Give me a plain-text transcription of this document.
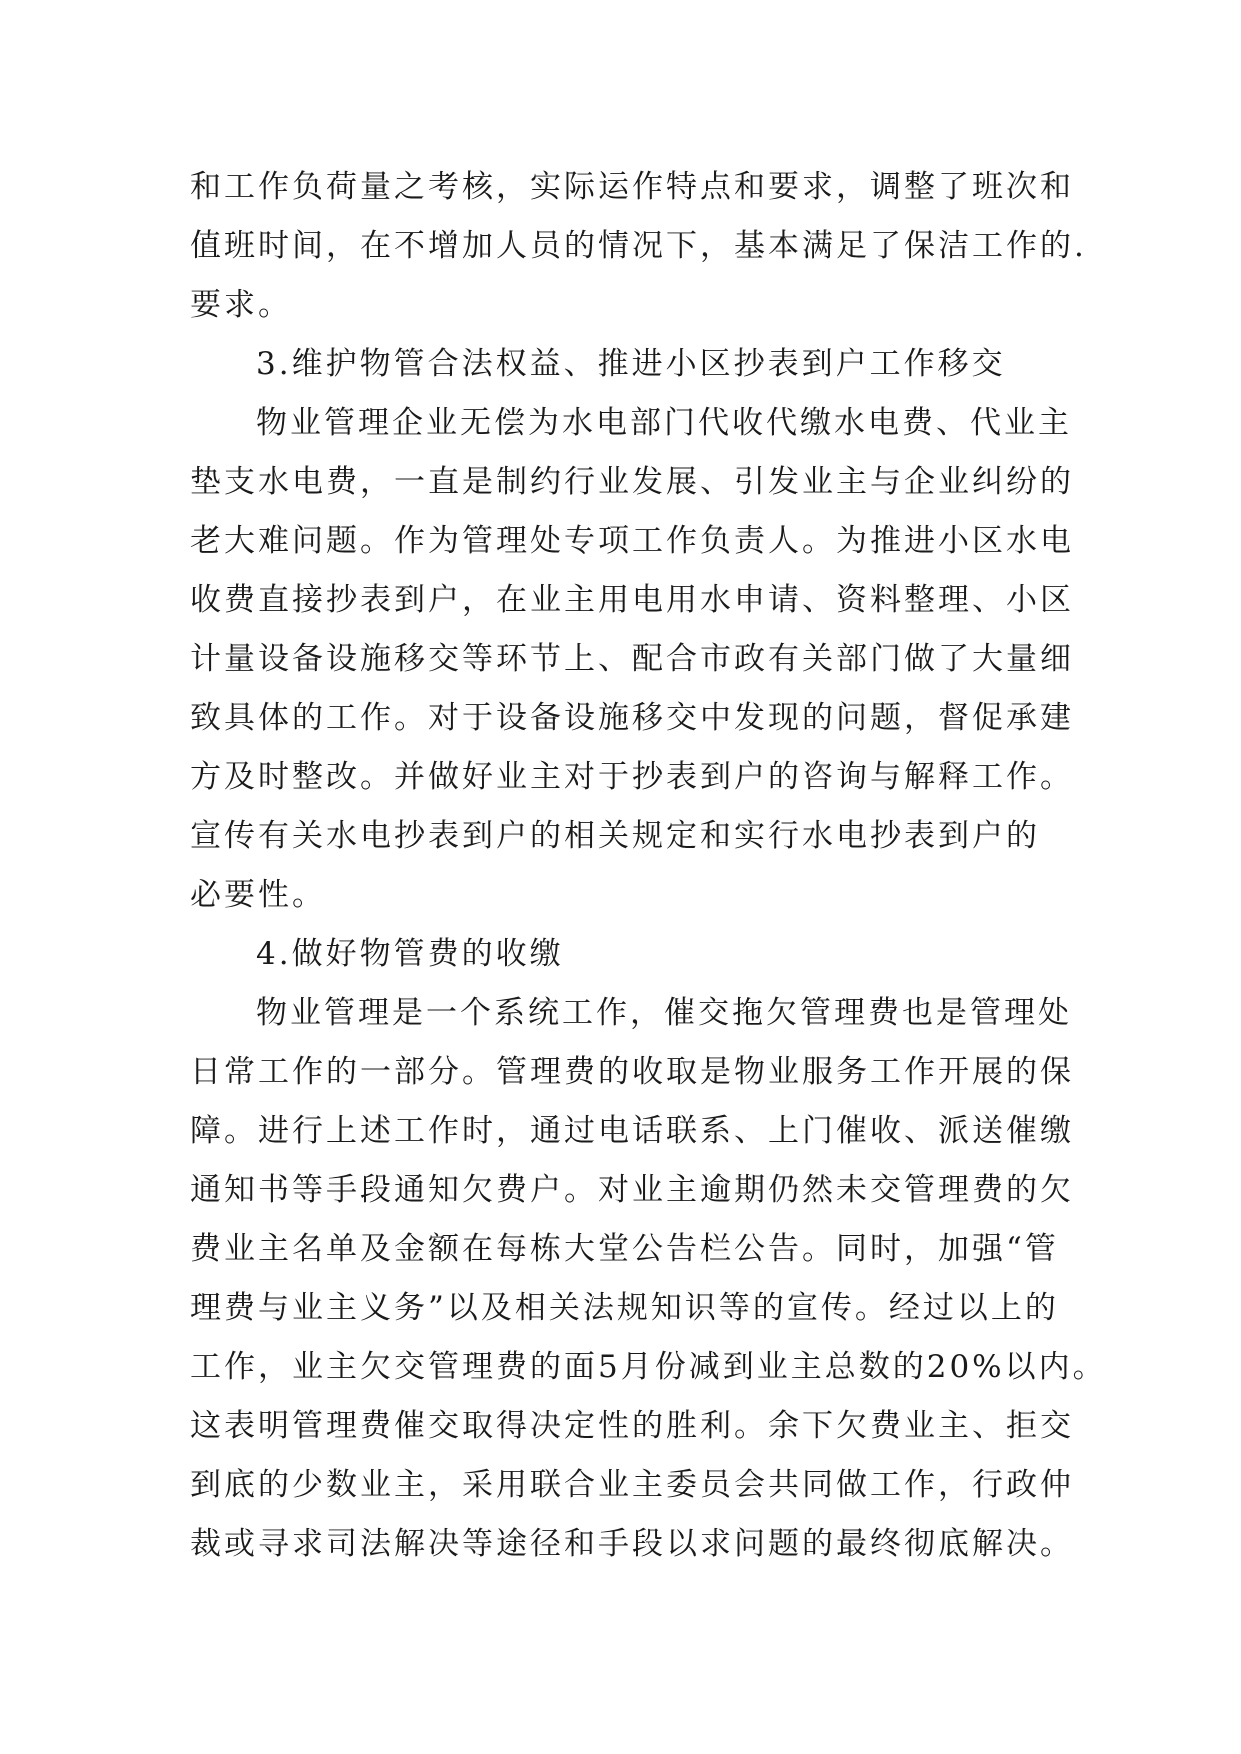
和工作负荷量之考核，实际运作特点和要求，调整了班次和
值班时间，在不增加人员的情况下，基本满足了保洁工作的.
要求。
3.维护物管合法权益、推进小区抄表到户工作移交
物业管理企业无偿为水电部门代收代缴水电费、代业主
垫支水电费，一直是制约行业发展、引发业主与企业纠纷的
老大难问题。作为管理处专项工作负责人。为推进小区水电
收费直接抄表到户，在业主用电用水申请、资料整理、小区
计量设备设施移交等环节上、配合市政有关部门做了大量细
致具体的工作。对于设备设施移交中发现的问题，督促承建
方及时整改。并做好业主对于抄表到户的咨询与解释工作。
宣传有关水电抄表到户的相关规定和实行水电抄表到户的
必要性。
4.做好物管费的收缴
物业管理是一个系统工作，催交拖欠管理费也是管理处
日常工作的一部分。管理费的收取是物业服务工作开展的保
障。进行上述工作时，通过电话联系、上门催收、派送催缴
通知书等手段通知欠费户。对业主逾期仍然未交管理费的欠
费业主名单及金额在每栋大堂公告栏公告。同时，加强“管
理费与业主义务”以及相关法规知识等的宣传。经过以上的
工作，业主欠交管理费的面5月份减到业主总数的20%以内。
这表明管理费催交取得决定性的胜利。余下欠费业主、拒交
到底的少数业主，采用联合业主委员会共同做工作，行政仲
裁或寻求司法解决等途径和手段以求问题的最终彻底解决。
